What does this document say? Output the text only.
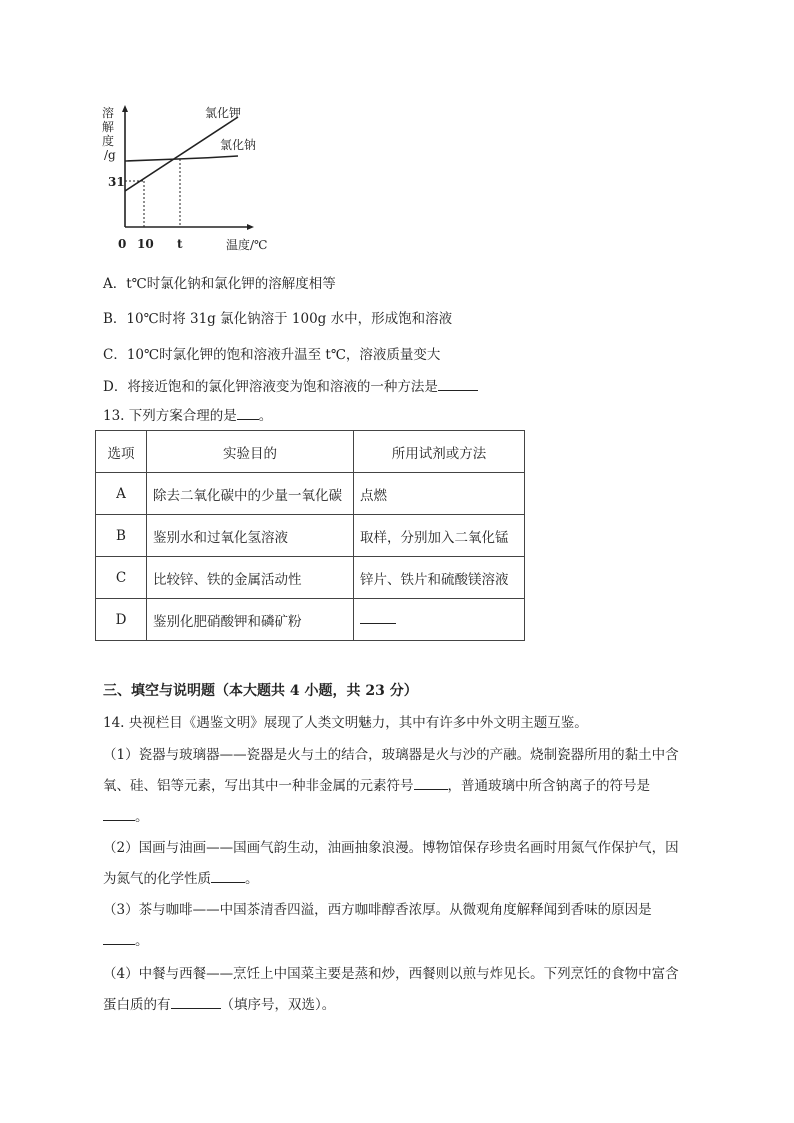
溶
解
度
/g
氯化钾
氯化钠
31
0 10 t	温度/℃
A．t℃时氯化钠和氯化钾的溶解度相等
B．10℃时将 31g 氯化钠溶于 100g 水中，形成饱和溶液
C．10℃时氯化钾的饱和溶液升温至 t℃，溶液质量变大
D．将接近饱和的氯化钾溶液变为饱和溶液的一种方法是
13. 下列方案合理的是 。
选项	实验目的	所用试剂或方法
A	除去二氧化碳中的少量一氧化碳	点燃
B	鉴别水和过氧化氢溶液	取样，分别加入二氧化锰
C	比较锌、铁的金属活动性	锌片、铁片和硫酸镁溶液
D	鉴别化肥硝酸钾和磷矿粉	
三、填空与说明题（本大题共 4 小题，共 23 分）
14. 央视栏目《遇鉴文明》展现了人类文明魅力，其中有许多中外文明主题互鉴。
（1）瓷器与玻璃器——瓷器是火与土的结合，玻璃器是火与沙的产融。烧制瓷器所用的黏土中含
氧、硅、铝等元素，写出其中一种非金属的元素符号	，普通玻璃中所含钠离子的符号是
。
（2）国画与油画——国画气韵生动，油画抽象浪漫。博物馆保存珍贵名画时用氮气作保护气，因
为氮气的化学性质	。
（3）茶与咖啡——中国茶清香四溢，西方咖啡醇香浓厚。从微观角度解释闻到香味的原因是
。
（4）中餐与西餐——烹饪上中国菜主要是蒸和炒，西餐则以煎与炸见长。下列烹饪的食物中富含
蛋白质的有	（填序号，双选）。
